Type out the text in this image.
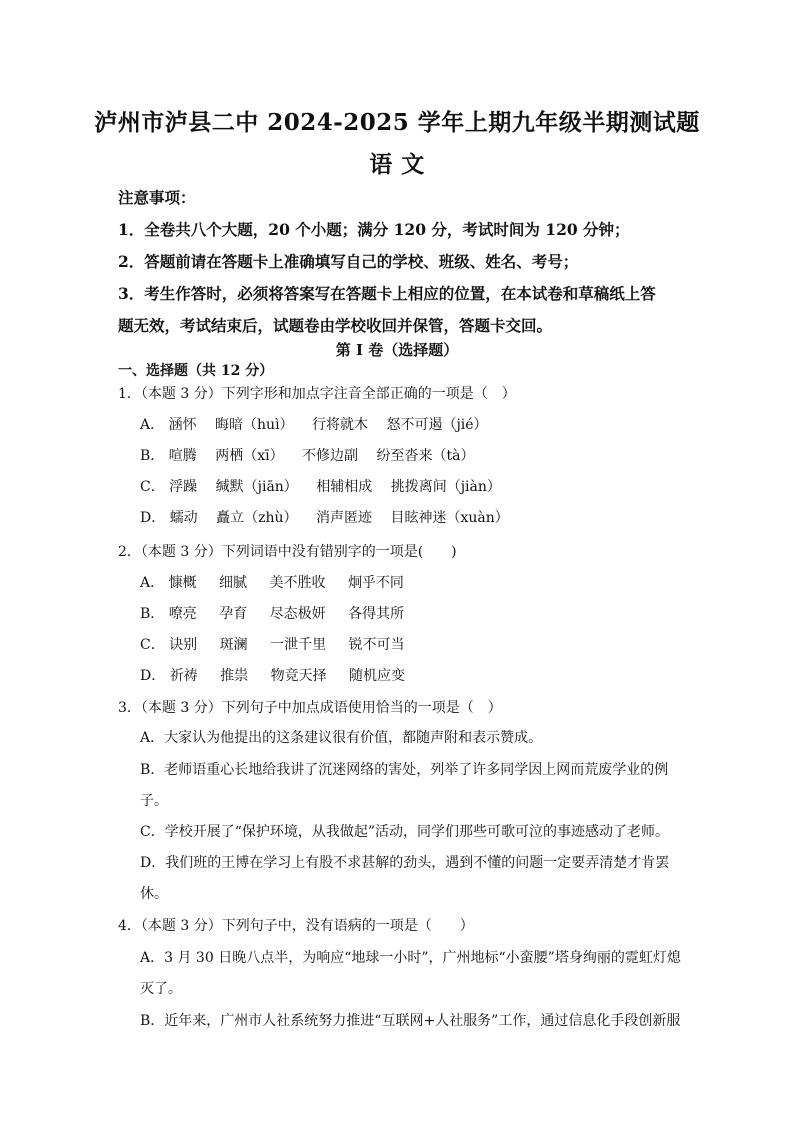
泸州市泸县二中 2024-2025 学年上期九年级半期测试题
语 文
注意事项：
1．全卷共八个大题，20 个小题；满分 120 分，考试时间为 120 分钟；
2．答题前请在答题卡上准确填写自己的学校、班级、姓名、考号；
3．考生作答时，必须将答案写在答题卡上相应的位置，在本试卷和草稿纸上答
题无效，考试结束后，试题卷由学校收回并保管，答题卡交回。
第 I 卷（选择题）
一、选择题（共 12 分）
1．（本题 3 分）下列字形和加点字注音全部正确的一项是（　）
A． 涵怀 晦暗（huì） 行将就木 怒不可遏（jié）
B． 喧腾 两栖（xī） 不修边副 纷至沓来（tà）
C． 浮躁 缄默（jiān） 相辅相成 挑拨离间（jiàn）
D． 蠕动 矗立（zhù） 消声匿迹 目眩神迷（xuàn）
2．（本题 3 分）下列词语中没有错别字的一项是(　　)
A． 慷概 细腻 美不胜收 炯乎不同
B． 嘹亮 孕育 尽态极妍 各得其所
C． 诀别 斑澜 一泄千里 锐不可当
D． 祈祷 推祟 物竞天择 随机应变
3．（本题 3 分）下列句子中加点成语使用恰当的一项是（　）
A．大家认为他提出的这条建议很有价值，都随声附和表示赞成。
B．老师语重心长地给我讲了沉迷网络的害处，列举了许多同学因上网而荒废学业的例
子。
C．学校开展了“保护环境，从我做起”活动，同学们那些可歌可泣的事迹感动了老师。
D．我们班的王博在学习上有股不求甚解的劲头，遇到不懂的问题一定要弄清楚才肯罢
休。
4．（本题 3 分）下列句子中，没有语病的一项是（　　）
A．3 月 30 日晚八点半，为响应“地球一小时”，广州地标“小蛮腰”塔身绚丽的霓虹灯熄
灭了。
B．近年来，广州市人社系统努力推进“互联网+人社服务”工作，通过信息化手段创新服
